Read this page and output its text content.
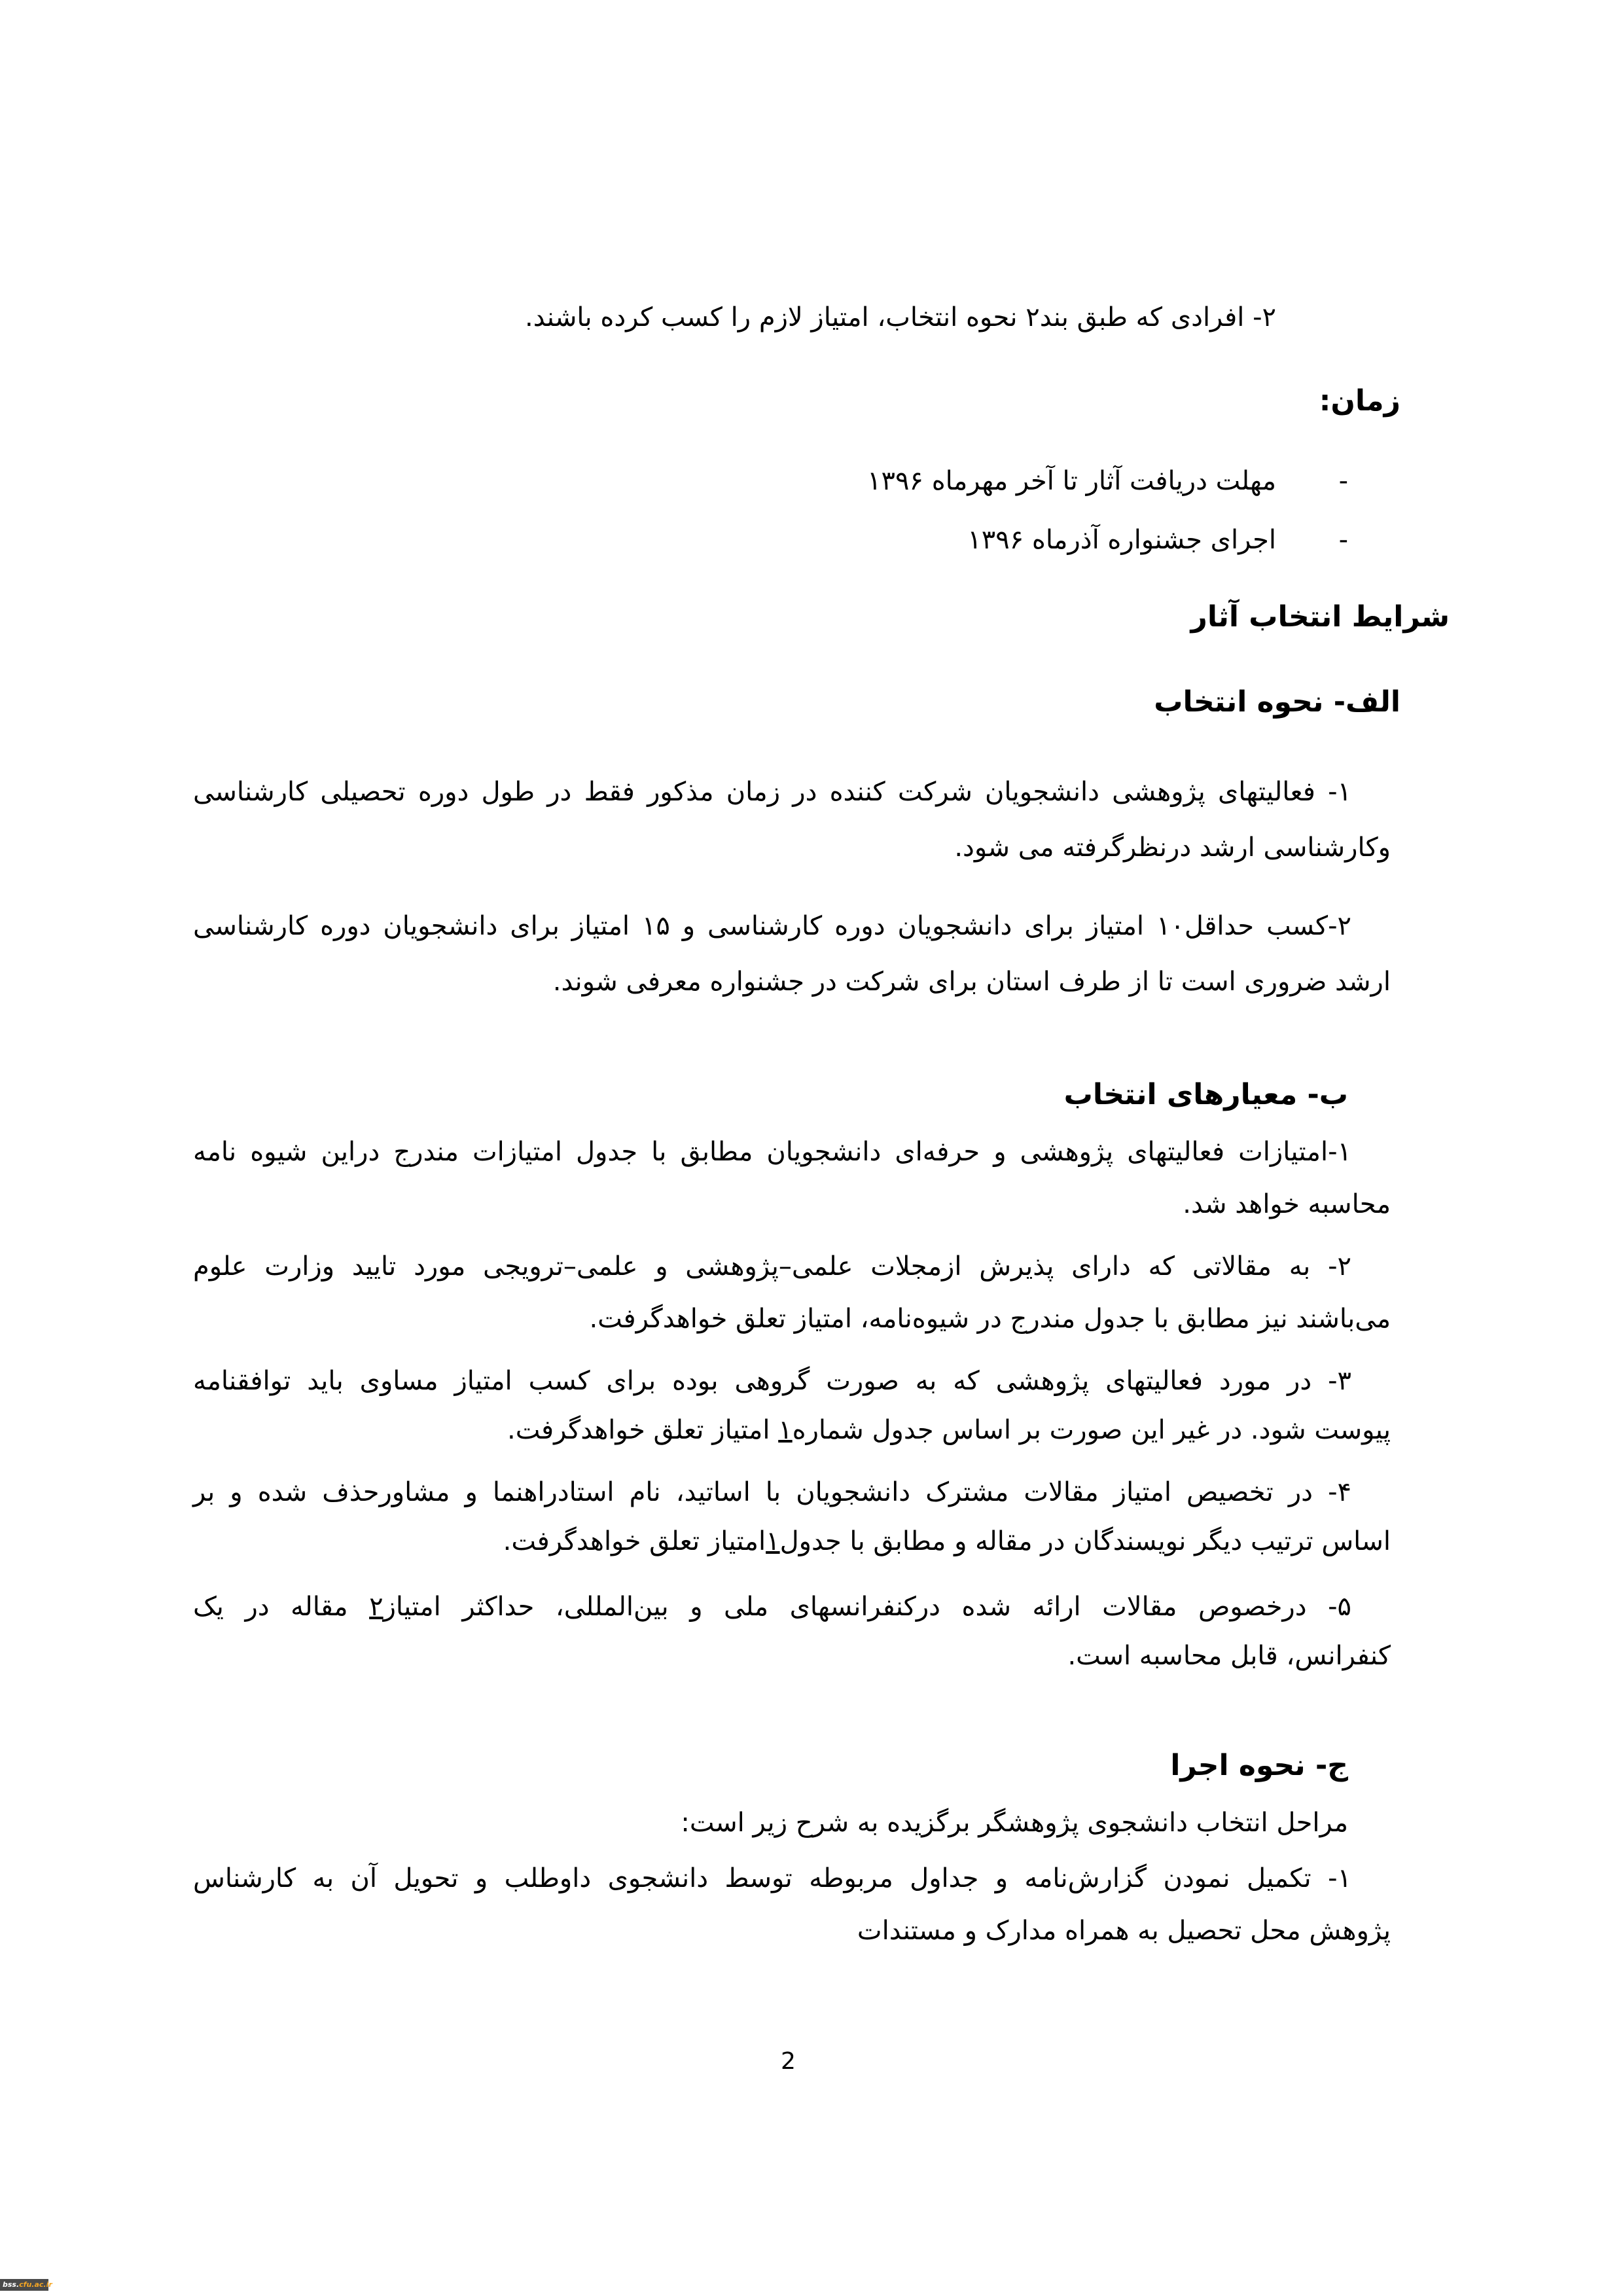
۲- افرادی که طبق بند۲ نحوه انتخاب، امتیاز لازم را کسب کرده باشند.
زمان:
-مهلت دریافت آثار تا آخر مهرماه ۱۳۹۶
-اجرای جشنواره آذرماه ۱۳۹۶
شرایط انتخاب آثار
الف- نحوه انتخاب
۱- فعالیتهای پژوهشی دانشجویان شرکت کننده در زمان مذکور فقط در طول دوره تحصیلی کارشناسی
وکارشناسی ارشد درنظرگرفته می شود.
۲-کسب حداقل۱۰ امتیاز برای دانشجویان دوره کارشناسی و ۱۵ امتیاز برای دانشجویان دوره کارشناسی
ارشد ضروری است تا از طرف استان برای شرکت در جشنواره معرفی شوند.
ب- معیارهای انتخاب
۱-امتیازات فعالیتهای پژوهشی و حرفه‌ای دانشجویان مطابق با جدول امتیازات مندرج دراین شیوه نامه
محاسبه خواهد شد.
۲- به مقالاتی که دارای پذیرش ازمجلات علمی–پژوهشی و علمی–ترویجی مورد تایید وزارت علوم
می‌باشند نیز مطابق با جدول مندرج در شیوه‌نامه، امتیاز تعلق خواهدگرفت.
۳- در مورد فعالیتهای پژوهشی که به صورت گروهی بوده برای کسب امتیاز مساوی باید توافقنامه
پیوست شود. در غیر این صورت بر اساس جدول شماره۱ امتیاز تعلق خواهدگرفت.
۴- در تخصیص امتیاز مقالات مشترک دانشجویان با اساتید، نام استادراهنما و مشاورحذف شده و بر
اساس ترتیب دیگر نویسندگان در مقاله و مطابق با جدول۱امتیاز تعلق خواهدگرفت.
۵- درخصوص مقالات ارائه شده درکنفرانسهای ملی و بین‌المللی، حداکثر امتیاز۲ مقاله در یک
کنفرانس، قابل محاسبه است.
ج- نحوه اجرا
مراحل انتخاب دانشجوی پژوهشگر برگزیده به شرح زیر است:
۱- تکمیل نمودن گزارش‌نامه و جداول مربوطه توسط دانشجوی داوطلب و تحویل آن به کارشناس
پژوهش محل تحصیل به همراه مدارک و مستندات
2
bss.cfu.ac.ir
